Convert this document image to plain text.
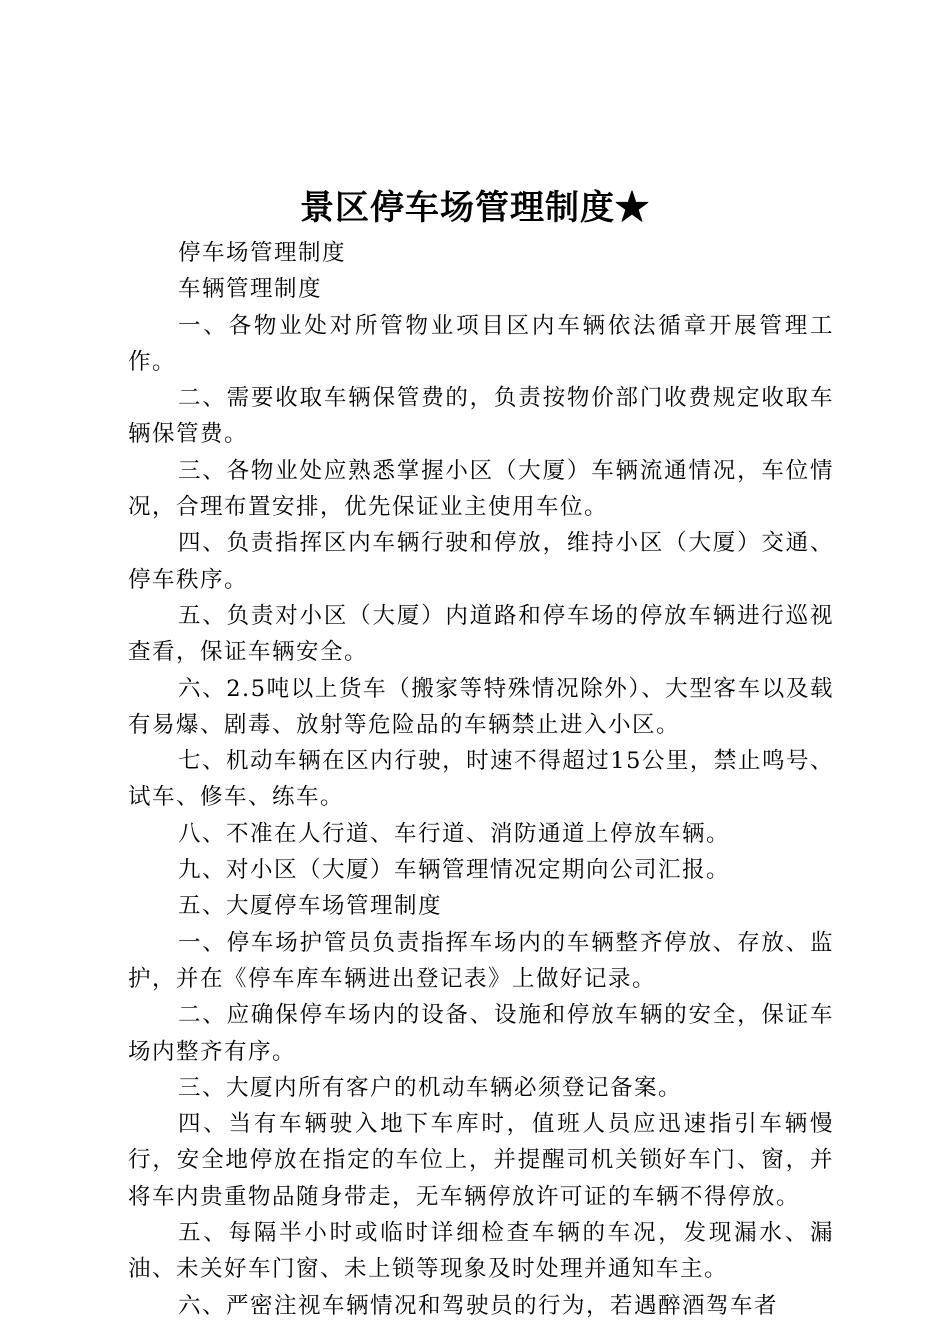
景区停车场管理制度★

停车场管理制度

车辆管理制度

一、各物业处对所管物业项目区内车辆依法循章开展管理工作。

二、需要收取车辆保管费的，负责按物价部门收费规定收取车辆保管费。

三、各物业处应熟悉掌握小区（大厦）车辆流通情况，车位情况，合理布置安排，优先保证业主使用车位。

四、负责指挥区内车辆行驶和停放，维持小区（大厦）交通、停车秩序。

五、负责对小区（大厦）内道路和停车场的停放车辆进行巡视查看，保证车辆安全。

六、2.5吨以上货车（搬家等特殊情况除外）、大型客车以及载有易爆、剧毒、放射等危险品的车辆禁止进入小区。

七、机动车辆在区内行驶，时速不得超过15公里，禁止鸣号、试车、修车、练车。

八、不准在人行道、车行道、消防通道上停放车辆。

九、对小区（大厦）车辆管理情况定期向公司汇报。

五、大厦停车场管理制度

一、停车场护管员负责指挥车场内的车辆整齐停放、存放、监护，并在《停车库车辆进出登记表》上做好记录。

二、应确保停车场内的设备、设施和停放车辆的安全，保证车场内整齐有序。

三、大厦内所有客户的机动车辆必须登记备案。

四、当有车辆驶入地下车库时，值班人员应迅速指引车辆慢行，安全地停放在指定的车位上，并提醒司机关锁好车门、窗，并将车内贵重物品随身带走，无车辆停放许可证的车辆不得停放。

五、每隔半小时或临时详细检查车辆的车况，发现漏水、漏油、未关好车门窗、未上锁等现象及时处理并通知车主。

六、严密注视车辆情况和驾驶员的行为，若遇醉酒驾车者
